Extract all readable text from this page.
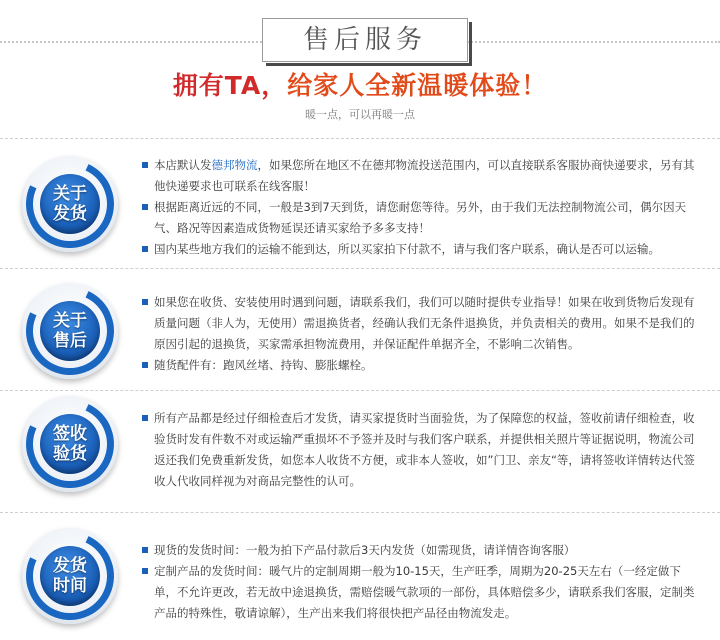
售后服务
拥有TA，给家人全新温暖体验！
暖一点，可以再暖一点
关于
发货
本店默认发德邦物流，如果您所在地区不在德邦物流投送范围内，可以直接联系客服协商快递要求，另有其他快递要求也可联系在线客服！
根据距离近远的不同，一般是3到7天到货，请您耐您等待。另外，由于我们无法控制物流公司，偶尔因天气、路况等因素造成货物延误还请买家给予多多支持！
国内某些地方我们的运输不能到达，所以买家拍下付款不，请与我们客户联系，确认是否可以运输。
关于
售后
如果您在收货、安装使用时遇到问题，请联系我们，我们可以随时提供专业指导！如果在收到货物后发现有质量问题（非人为，无使用）需退换货者，经确认我们无条件退换货，并负责相关的费用。如果不是我们的原因引起的退换货，买家需承担物流费用，并保证配件单据齐全，不影响二次销售。
随货配件有：跑风丝堵、持钩、膨胀螺栓。
签收
验货
所有产品都是经过仔细检查后才发货，请买家提货时当面验货，为了保障您的权益，签收前请仔细检查，收验货时发有件数不对或运输严重损坏不予签并及时与我们客户联系，并提供相关照片等证据说明，物流公司返还我们免费重新发货，如您本人收货不方便，或非本人签收，如”门卫、亲友“等，请将签收详情转达代签收人代收同样视为对商品完整性的认可。
发货
时间
现货的发货时间：一般为拍下产品付款后3天内发货（如需现货，请详情咨询客服）
定制产品的发货时间：暖气片的定制周期一般为10-15天，生产旺季，周期为20-25天左右（一经定做下单，不允许更改，若无故中途退换货，需赔偿暖气款项的一部份，具体赔偿多少，请联系我们客服，定制类产品的特殊性，敬请谅解），生产出来我们将很快把产品径由物流发走。
